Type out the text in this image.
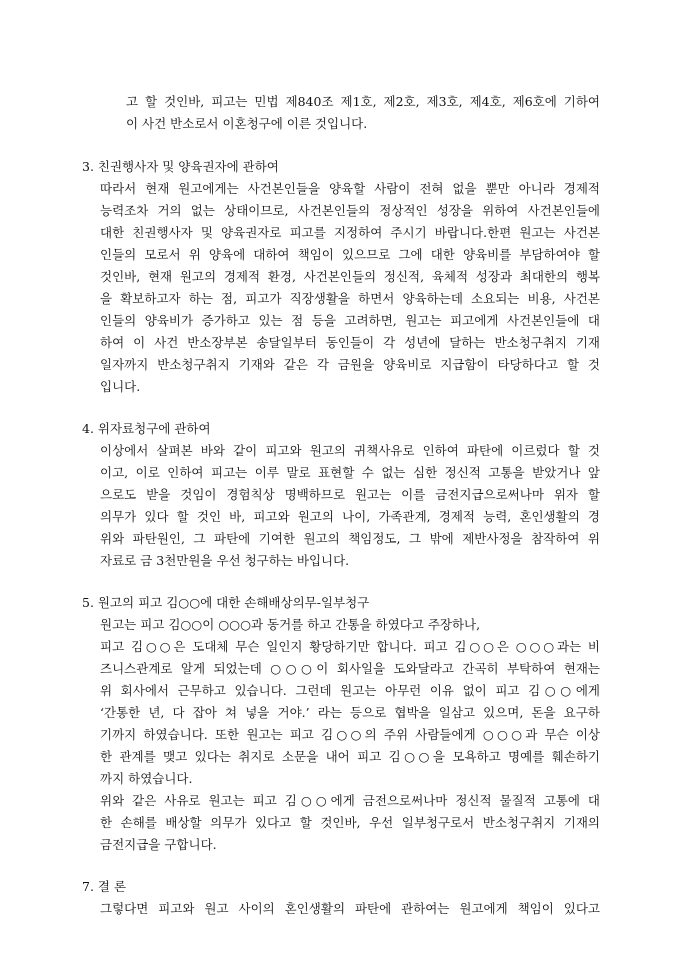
고 할 것인바, 피고는 민법 제840조 제1호, 제2호, 제3호, 제4호, 제6호에 기하여
이 사건 반소로서 이혼청구에 이른 것입니다.
3. 친권행사자 및 양육권자에 관하여
따라서 현재 원고에게는 사건본인들을 양육할 사람이 전혀 없을 뿐만 아니라 경제적
능력조차 거의 없는 상태이므로, 사건본인들의 정상적인 성장을 위하여 사건본인들에
대한 친권행사자 및 양육권자로 피고를 지정하여 주시기 바랍니다.한편 원고는 사건본
인들의 모로서 위 양육에 대하여 책임이 있으므로 그에 대한 양육비를 부담하여야 할
것인바, 현재 원고의 경제적 환경, 사건본인들의 정신적, 육체적 성장과 최대한의 행복
을 확보하고자 하는 점, 피고가 직장생활을 하면서 양육하는데 소요되는 비용, 사건본
인들의 양육비가 증가하고 있는 점 등을 고려하면, 원고는 피고에게 사건본인들에 대
하여 이 사건 반소장부본 송달일부터 동인들이 각 성년에 달하는 반소청구취지 기재
일자까지 반소청구취지 기재와 같은 각 금원을 양육비로 지급함이 타당하다고 할 것
입니다.
4. 위자료청구에 관하여
이상에서 살펴본 바와 같이 피고와 원고의 귀책사유로 인하여 파탄에 이르렀다 할 것
이고, 이로 인하여 피고는 이루 말로 표현할 수 없는 심한 정신적 고통을 받았거나 앞
으로도 받을 것임이 경험칙상 명백하므로 원고는 이를 금전지급으로써나마 위자 할
의무가 있다 할 것인 바, 피고와 원고의 나이, 가족관계, 경제적 능력, 혼인생활의 경
위와 파탄원인, 그 파탄에 기여한 원고의 책임정도, 그 밖에 제반사정을 참작하여 위
자료로 금 3천만원을 우선 청구하는 바입니다.
5. 원고의 피고 김○○에 대한 손해배상의무-일부청구
원고는 피고 김○○이 ○○○과 동거를 하고 간통을 하였다고 주장하나,
피고 김○○은 도대체 무슨 일인지 황당하기만 합니다. 피고 김○○은 ○○○과는 비
즈니스관계로 알게 되었는데 ○○○이 회사일을 도와달라고 간곡히 부탁하여 현재는
위 회사에서 근무하고 있습니다. 그런데 원고는 아무런 이유 없이 피고 김○○에게
‘간통한 년, 다 잡아 쳐 넣을 거야.’ 라는 등으로 협박을 일삼고 있으며, 돈을 요구하
기까지 하였습니다. 또한 원고는 피고 김○○의 주위 사람들에게 ○○○과 무슨 이상
한 관계를 맺고 있다는 취지로 소문을 내어 피고 김○○을 모욕하고 명예를 훼손하기
까지 하였습니다.
위와 같은 사유로 원고는 피고 김○○에게 금전으로써나마 정신적 물질적 고통에 대
한 손해를 배상할 의무가 있다고 할 것인바, 우선 일부청구로서 반소청구취지 기재의
금전지급을 구합니다.
7. 결 론
그렇다면 피고와 원고 사이의 혼인생활의 파탄에 관하여는 원고에게 책임이 있다고
